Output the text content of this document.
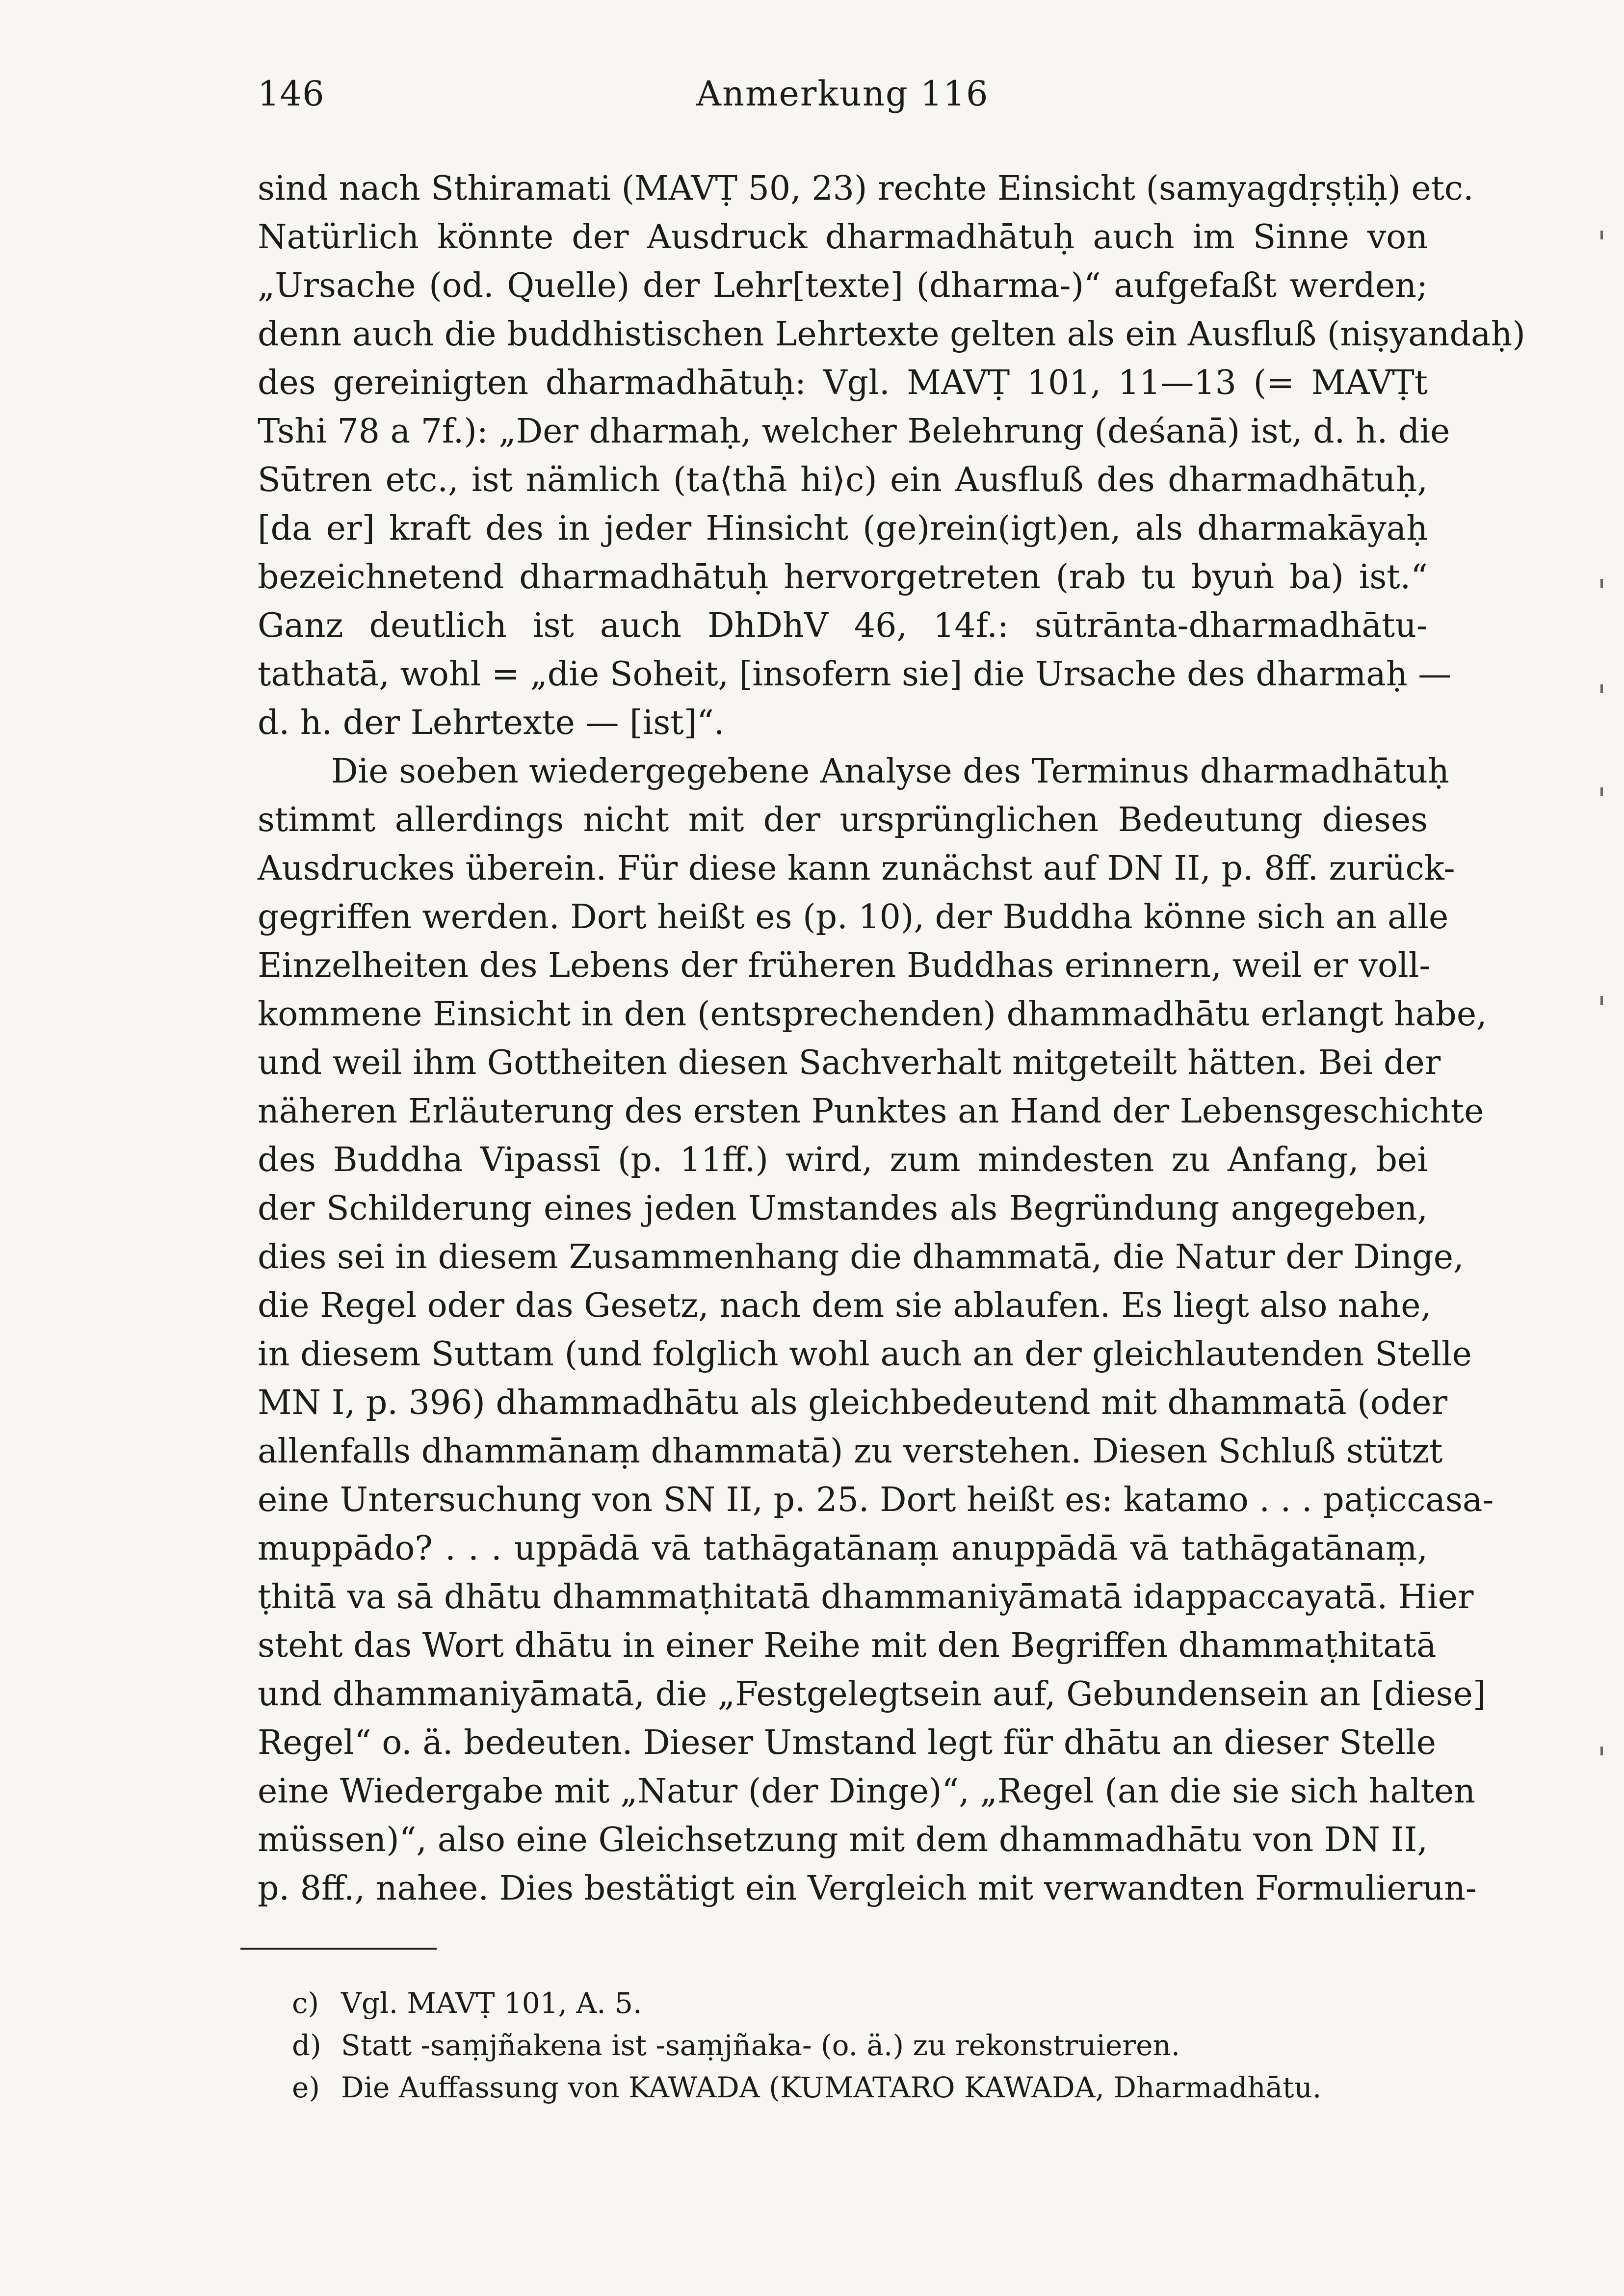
146	Anmerkung 116
sind nach Sthiramati (MAVṬ 50, 23) rechte Einsicht (samyagdṛṣṭiḥ) etc.
Natürlich könnte der Ausdruck dharmadhātuḥ auch im Sinne von
„Ursache (od. Quelle) der Lehr[texte] (dharma-)“ aufgefaßt werden;
denn auch die buddhistischen Lehrtexte gelten als ein Ausfluß (niṣyandaḥ)
des gereinigten dharmadhātuḥ: Vgl. MAVṬ 101, 11—13 (= MAVṬt
Tshi 78 a 7f.): „Der dharmaḥ, welcher Belehrung (deśanā) ist, d. h. die
Sūtren etc., ist nämlich (ta⟨thā hi⟩c) ein Ausfluß des dharmadhātuḥ,
[da er] kraft des in jeder Hinsicht (ge)rein(igt)en, als dharmakāyaḥ
bezeichnetend dharmadhātuḥ hervorgetreten (rab tu byuṅ ba) ist.“
Ganz deutlich ist auch DhDhV 46, 14f.: sūtrānta-dharmadhātu-
tathatā, wohl = „die Soheit, [insofern sie] die Ursache des dharmaḥ —
d. h. der Lehrtexte — [ist]“.
Die soeben wiedergegebene Analyse des Terminus dharmadhātuḥ
stimmt allerdings nicht mit der ursprünglichen Bedeutung dieses
Ausdruckes überein. Für diese kann zunächst auf DN II, p. 8ff. zurück-
gegriffen werden. Dort heißt es (p. 10), der Buddha könne sich an alle
Einzelheiten des Lebens der früheren Buddhas erinnern, weil er voll-
kommene Einsicht in den (entsprechenden) dhammadhātu erlangt habe,
und weil ihm Gottheiten diesen Sachverhalt mitgeteilt hätten. Bei der
näheren Erläuterung des ersten Punktes an Hand der Lebensgeschichte
des Buddha Vipassī (p. 11ff.) wird, zum mindesten zu Anfang, bei
der Schilderung eines jeden Umstandes als Begründung angegeben,
dies sei in diesem Zusammenhang die dhammatā, die Natur der Dinge,
die Regel oder das Gesetz, nach dem sie ablaufen. Es liegt also nahe,
in diesem Suttam (und folglich wohl auch an der gleichlautenden Stelle
MN I, p. 396) dhammadhātu als gleichbedeutend mit dhammatā (oder
allenfalls dhammānaṃ dhammatā) zu verstehen. Diesen Schluß stützt
eine Untersuchung von SN II, p. 25. Dort heißt es: katamo . . . paṭiccasa-
muppādo? . . . uppādā vā tathāgatānaṃ anuppādā vā tathāgatānaṃ,
ṭhitā va sā dhātu dhammaṭhitatā dhammaniyāmatā idappaccayatā. Hier
steht das Wort dhātu in einer Reihe mit den Begriffen dhammaṭhitatā
und dhammaniyāmatā, die „Festgelegtsein auf, Gebundensein an [diese]
Regel“ o. ä. bedeuten. Dieser Umstand legt für dhātu an dieser Stelle
eine Wiedergabe mit „Natur (der Dinge)“, „Regel (an die sie sich halten
müssen)“, also eine Gleichsetzung mit dem dhammadhātu von DN II,
p. 8ff., nahee. Dies bestätigt ein Vergleich mit verwandten Formulierun-
c) Vgl. MAVṬ 101, A. 5.
d) Statt -saṃjñakena ist -saṃjñaka- (o. ä.) zu rekonstruieren.
e) Die Auffassung von KAWADA (KUMATARO KAWADA, Dharmadhātu.
